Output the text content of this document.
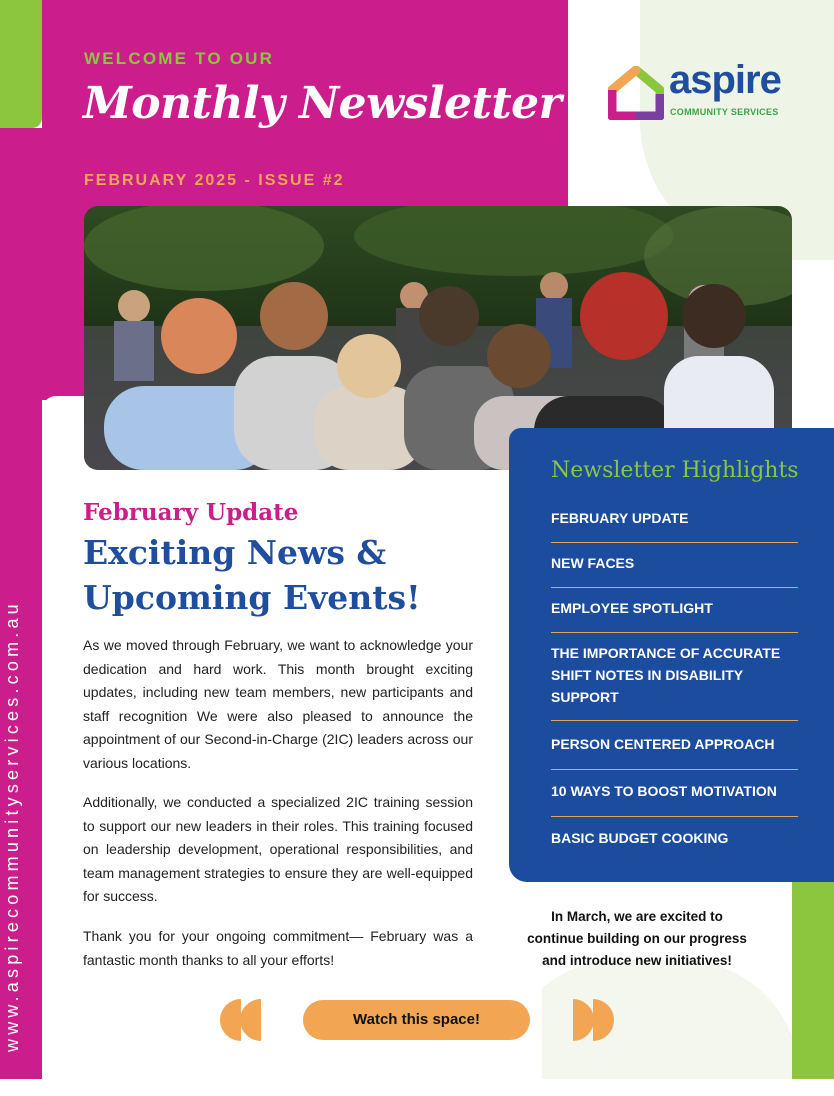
WELCOME TO OUR
Monthly Newsletter
FEBRUARY 2025 - ISSUE #2
aspire
COMMUNITY SERVICES
www.aspirecommunityservices.com.au
February Update
Exciting News & Upcoming Events!
As we moved through February, we want to acknowledge your dedication and hard work. This month brought exciting updates, including new team members, new participants and staff recognition We were also pleased to announce the appointment of our Second-in-Charge (2IC) leaders across our various locations.
Additionally, we conducted a specialized 2IC training session to support our new leaders in their roles. This training focused on leadership development, operational responsibilities, and team management strategies to ensure they are well-equipped for success.
Thank you for your ongoing commitment— February was a fantastic month thanks to all your efforts!
Newsletter Highlights
FEBRUARY UPDATE
NEW FACES
EMPLOYEE SPOTLIGHT
THE IMPORTANCE OF ACCURATE SHIFT NOTES IN DISABILITY SUPPORT
PERSON CENTERED APPROACH
10 WAYS TO BOOST MOTIVATION
BASIC BUDGET COOKING
In March, we are excited to
continue building on our progress
and introduce new initiatives!
Watch this space!
